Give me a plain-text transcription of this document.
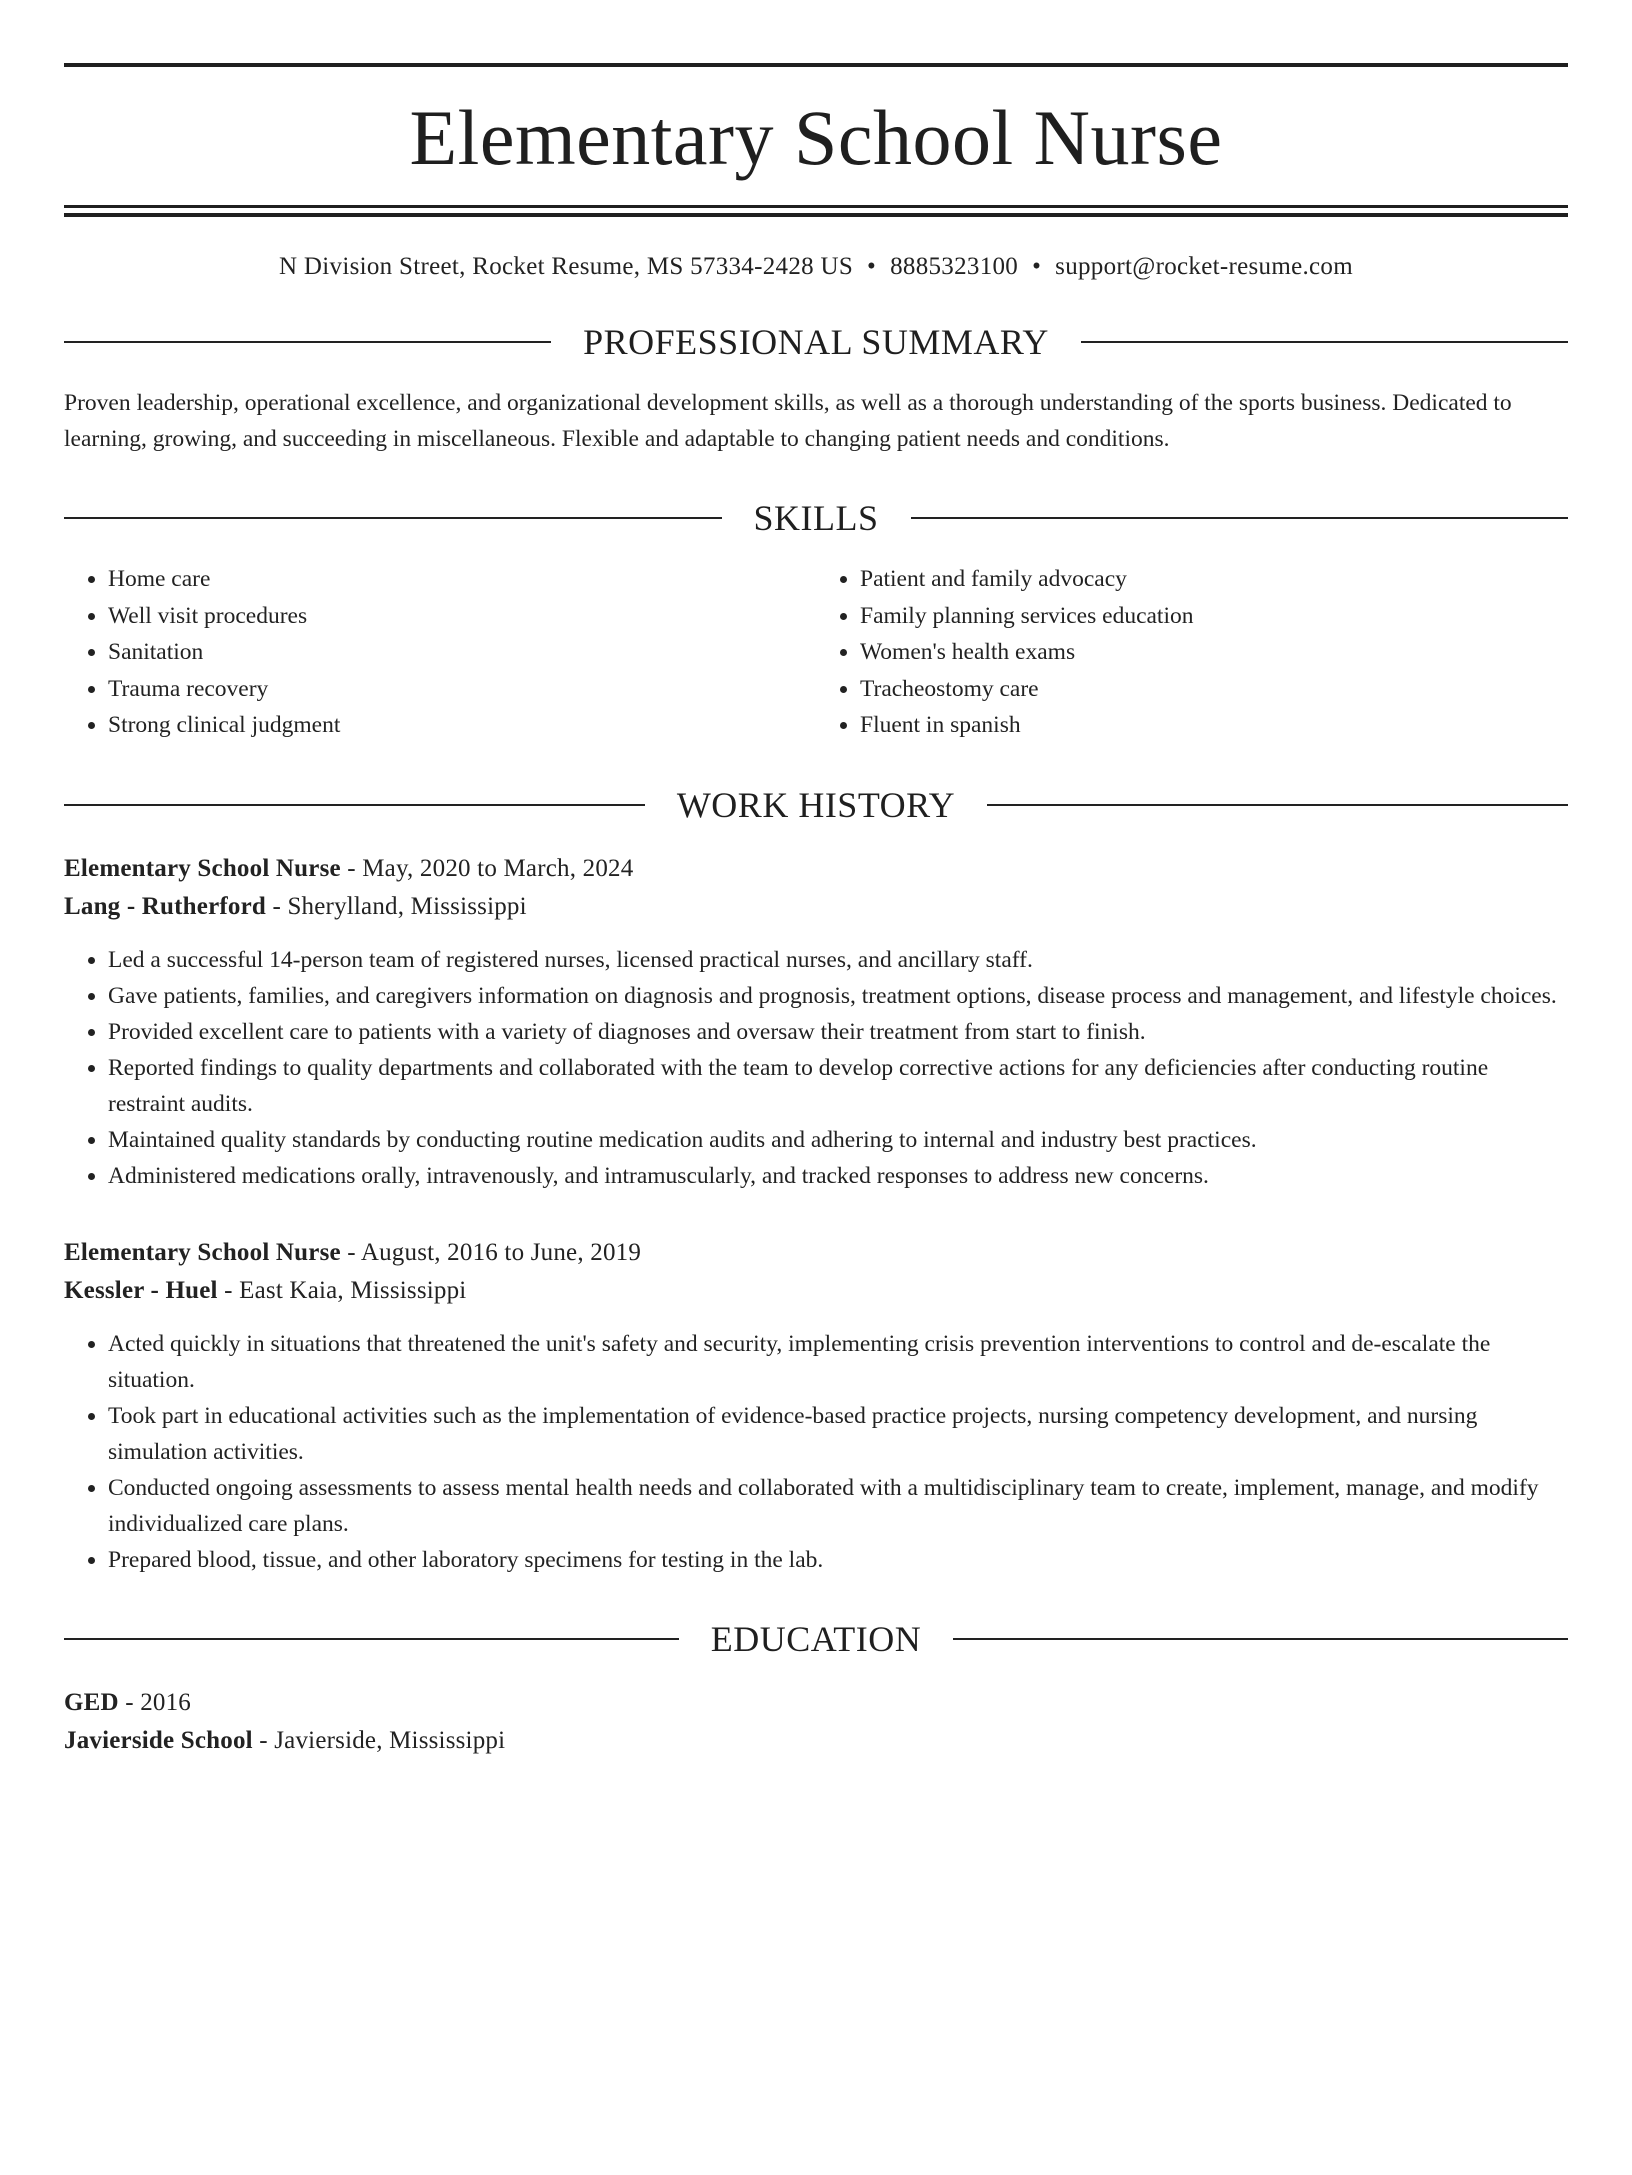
Elementary School Nurse
N Division Street, Rocket Resume, MS 57334-2428 US • 8885323100 • support@rocket-resume.com
PROFESSIONAL SUMMARY
Proven leadership, operational excellence, and organizational development skills, as well as a thorough understanding of the sports business. Dedicated to learning, growing, and succeeding in miscellaneous. Flexible and adaptable to changing patient needs and conditions.
SKILLS
• Home care
• Well visit procedures
• Sanitation
• Trauma recovery
• Strong clinical judgment
• Patient and family advocacy
• Family planning services education
• Women's health exams
• Tracheostomy care
• Fluent in spanish
WORK HISTORY
Elementary School Nurse - May, 2020 to March, 2024
Lang - Rutherford - Sherylland, Mississippi
• Led a successful 14-person team of registered nurses, licensed practical nurses, and ancillary staff.
• Gave patients, families, and caregivers information on diagnosis and prognosis, treatment options, disease process and management, and lifestyle choices.
• Provided excellent care to patients with a variety of diagnoses and oversaw their treatment from start to finish.
• Reported findings to quality departments and collaborated with the team to develop corrective actions for any deficiencies after conducting routine restraint audits.
• Maintained quality standards by conducting routine medication audits and adhering to internal and industry best practices.
• Administered medications orally, intravenously, and intramuscularly, and tracked responses to address new concerns.
Elementary School Nurse - August, 2016 to June, 2019
Kessler - Huel - East Kaia, Mississippi
• Acted quickly in situations that threatened the unit's safety and security, implementing crisis prevention interventions to control and de-escalate the situation.
• Took part in educational activities such as the implementation of evidence-based practice projects, nursing competency development, and nursing simulation activities.
• Conducted ongoing assessments to assess mental health needs and collaborated with a multidisciplinary team to create, implement, manage, and modify individualized care plans.
• Prepared blood, tissue, and other laboratory specimens for testing in the lab.
EDUCATION
GED - 2016
Javierside School - Javierside, Mississippi
